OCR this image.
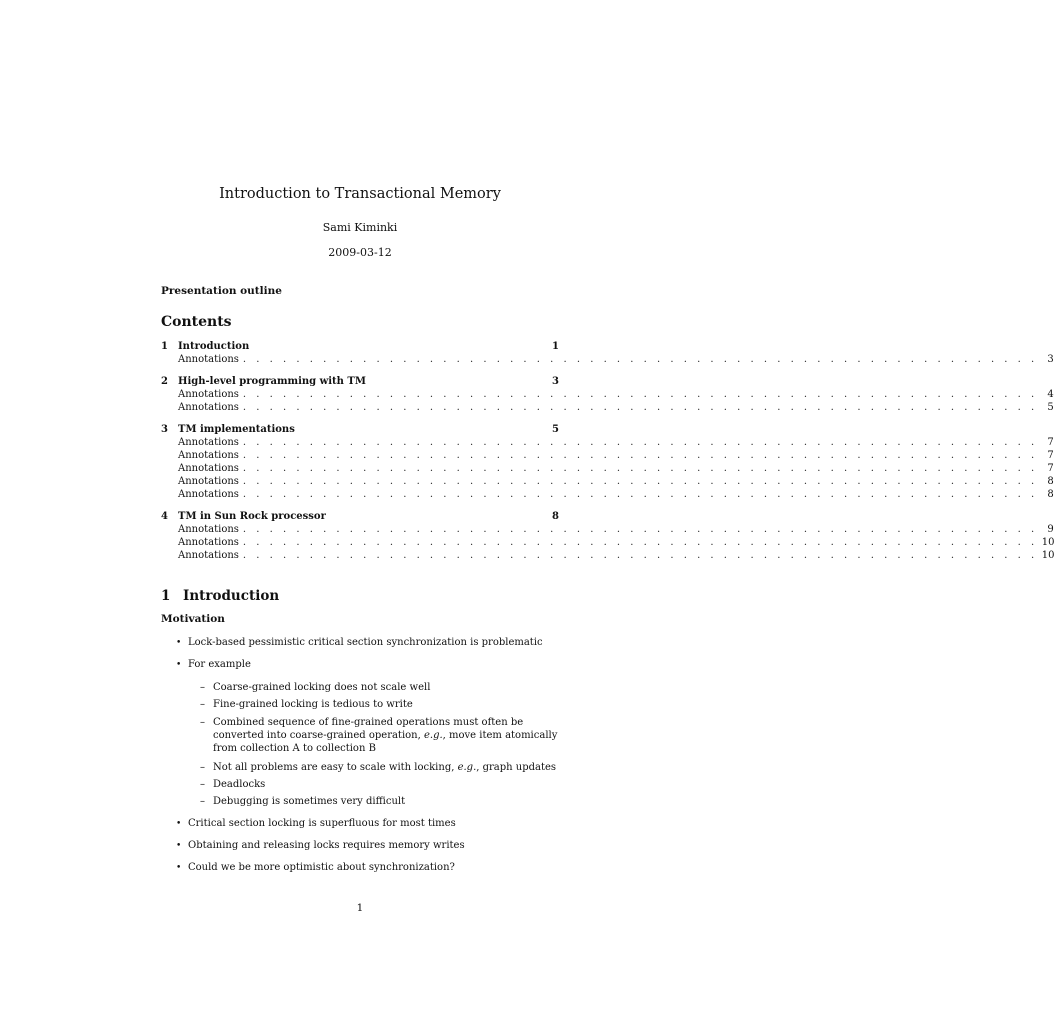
Introduction to Transactional Memory
Sami Kiminki
2009-03-12
Presentation outline
Contents
1	Introduction	1
Annotations . . . . . . . . . . . . . . . . . . . . . . . . . . . . . . . . . . . . . . . . . . . . . . . . . . . . . . . . . . . . 3
2	High-level programming with TM	3
Annotations . . . . . . . . . . . . . . . . . . . . . . . . . . . . . . . . . . . . . . . . . . . . . . . . . . . . . . . . . . . . 4
Annotations . . . . . . . . . . . . . . . . . . . . . . . . . . . . . . . . . . . . . . . . . . . . . . . . . . . . . . . . . . . . 5
3	TM implementations	5
Annotations . . . . . . . . . . . . . . . . . . . . . . . . . . . . . . . . . . . . . . . . . . . . . . . . . . . . . . . . . . . . 7
Annotations . . . . . . . . . . . . . . . . . . . . . . . . . . . . . . . . . . . . . . . . . . . . . . . . . . . . . . . . . . . . 7
Annotations . . . . . . . . . . . . . . . . . . . . . . . . . . . . . . . . . . . . . . . . . . . . . . . . . . . . . . . . . . . . 7
Annotations . . . . . . . . . . . . . . . . . . . . . . . . . . . . . . . . . . . . . . . . . . . . . . . . . . . . . . . . . . . . 8
Annotations . . . . . . . . . . . . . . . . . . . . . . . . . . . . . . . . . . . . . . . . . . . . . . . . . . . . . . . . . . . . 8
4	TM in Sun Rock processor	8
Annotations . . . . . . . . . . . . . . . . . . . . . . . . . . . . . . . . . . . . . . . . . . . . . . . . . . . . . . . . . . . . 9
Annotations . . . . . . . . . . . . . . . . . . . . . . . . . . . . . . . . . . . . . . . . . . . . . . . . . . . . . . . . . . . . 10
Annotations . . . . . . . . . . . . . . . . . . . . . . . . . . . . . . . . . . . . . . . . . . . . . . . . . . . . . . . . . . . . 10
1 Introduction
Motivation
• Lock-based pessimistic critical section synchronization is problematic
• For example
– Coarse-grained locking does not scale well
– Fine-grained locking is tedious to write
– Combined sequence of fine-grained operations must often be converted into coarse-grained operation, e.g., move item atomically from collection A to collection B
– Not all problems are easy to scale with locking, e.g., graph updates
– Deadlocks
– Debugging is sometimes very difficult
• Critical section locking is superfluous for most times
• Obtaining and releasing locks requires memory writes
• Could we be more optimistic about synchronization?
1
